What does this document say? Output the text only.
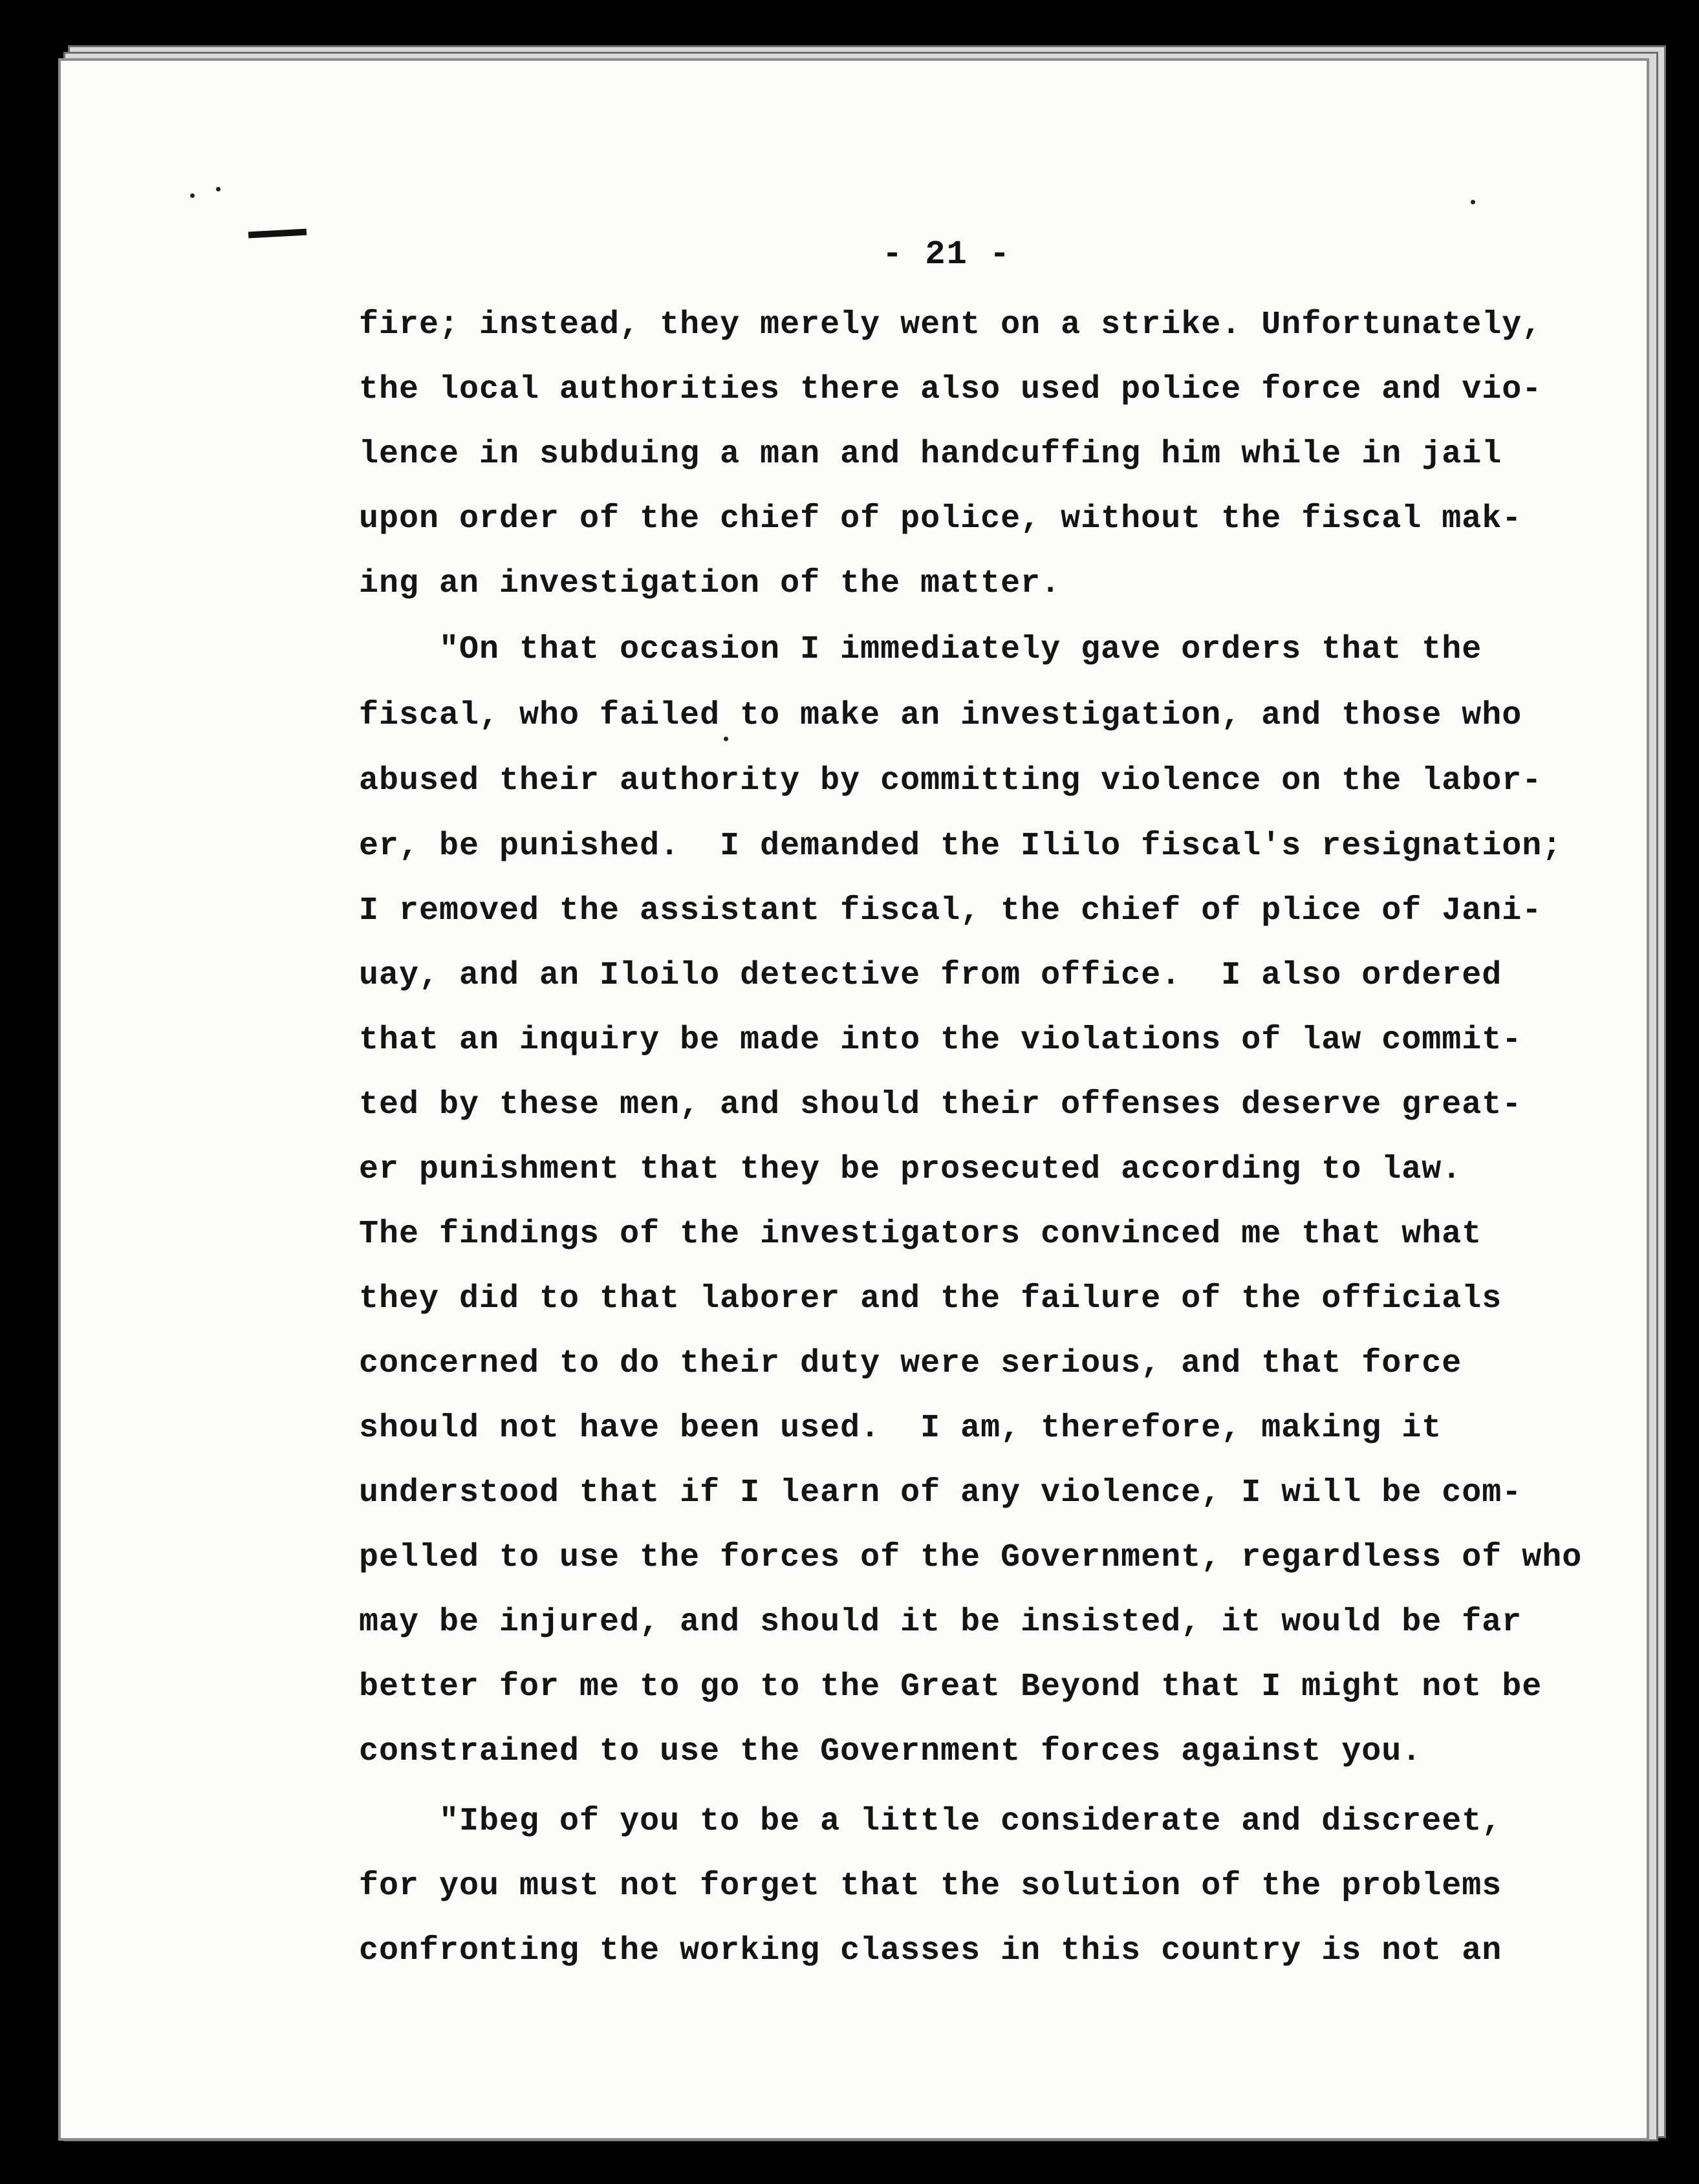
- 21 -
fire; instead, they merely went on a strike. Unfortunately,
the local authorities there also used police force and vio-
lence in subduing a man and handcuffing him while in jail
upon order of the chief of police, without the fiscal mak-
ing an investigation of the matter.
"On that occasion I immediately gave orders that the
fiscal, who failed to make an investigation, and those who
abused their authority by committing violence on the labor-
er, be punished.  I demanded the Ililo fiscal's resignation;
I removed the assistant fiscal, the chief of plice of Jani-
uay, and an Iloilo detective from office.  I also ordered
that an inquiry be made into the violations of law commit-
ted by these men, and should their offenses deserve great-
er punishment that they be prosecuted according to law.
The findings of the investigators convinced me that what
they did to that laborer and the failure of the officials
concerned to do their duty were serious, and that force
should not have been used.  I am, therefore, making it
understood that if I learn of any violence, I will be com-
pelled to use the forces of the Government, regardless of who
may be injured, and should it be insisted, it would be far
better for me to go to the Great Beyond that I might not be
constrained to use the Government forces against you.
"Ibeg of you to be a little considerate and discreet,
for you must not forget that the solution of the problems
confronting the working classes in this country is not an
